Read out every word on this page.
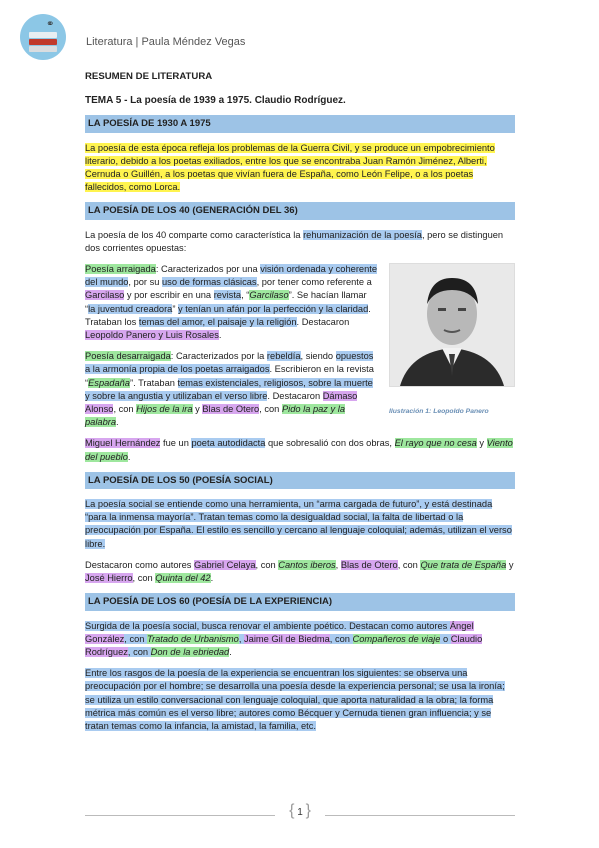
⚭
Literatura | Paula Méndez Vegas
RESUMEN DE LITERATURA
TEMA 5 - La poesía de 1939 a 1975. Claudio Rodríguez.
LA POESÍA DE 1930 A 1975

La poesía de esta época refleja los problemas de la Guerra Civil, y se produce un empobrecimiento literario, debido a los poetas exiliados, entre los que se encontraba Juan Ramón Jiménez, Alberti, Cernuda o Guillén, a los poetas que vivían fuera de España, como León Felipe, o a los poetas fallecidos, como Lorca.

LA POESÍA DE LOS 40 (GENERACIÓN DEL 36)

La poesía de los 40 comparte como característica la rehumanización de la poesía, pero se distinguen dos corrientes opuestas:

Ilustración 1: Leopoldo Panero

Poesía arraigada: Caracterizados por una visión ordenada y coherente del mundo, por su uso de formas clásicas, por tener como referente a Garcilaso y por escribir en una revista, “Garcilaso”. Se hacían llamar “la juventud creadora” y tenían un afán por la perfección y la claridad. Trataban los temas del amor, el paisaje y la religión. Destacaron Leopoldo Panero y Luis Rosales.

Poesía desarraigada: Caracterizados por la rebeldía, siendo opuestos a la armonía propia de los poetas arraigados. Escribieron en la revista “Espadaña”. Trataban temas existenciales, religiosos, sobre la muerte y sobre la angustia y utilizaban el verso libre. Destacaron Dámaso Alonso, con Hijos de la ira y Blas de Otero, con Pido la paz y la palabra.

Miguel Hernández fue un poeta autodidacta que sobresalió con dos obras, El rayo que no cesa y Viento del pueblo.

LA POESÍA DE LOS 50 (POESÍA SOCIAL)

La poesía social se entiende como una herramienta, un “arma cargada de futuro”, y está destinada “para la inmensa mayoría”. Tratan temas como la desigualdad social, la falta de libertad o la preocupación por España. El estilo es sencillo y cercano al lenguaje coloquial; además, utilizan el verso libre.

Destacaron como autores Gabriel Celaya, con Cantos iberos, Blas de Otero, con Que trata de España y José Hierro, con Quinta del 42.

LA POESÍA DE LOS 60 (POESÍA DE LA EXPERIENCIA)

Surgida de la poesía social, busca renovar el ambiente poético. Destacan como autores Ángel González, con Tratado de Urbanismo, Jaime Gil de Biedma, con Compañeros de viaje o Claudio Rodríguez, con Don de la ebriedad.

Entre los rasgos de la poesía de la experiencia se encuentran los siguientes: se observa una preocupación por el hombre; se desarrolla una poesía desde la experiencia personal; se usa la ironía; se utiliza un estilo conversacional con lenguaje coloquial, que aporta naturalidad a la obra; la forma métrica más común es el verso libre; autores como Bécquer y Cernuda tienen gran influencia; y se tratan temas como la infancia, la amistad, la familia, etc.

{ 1 }
